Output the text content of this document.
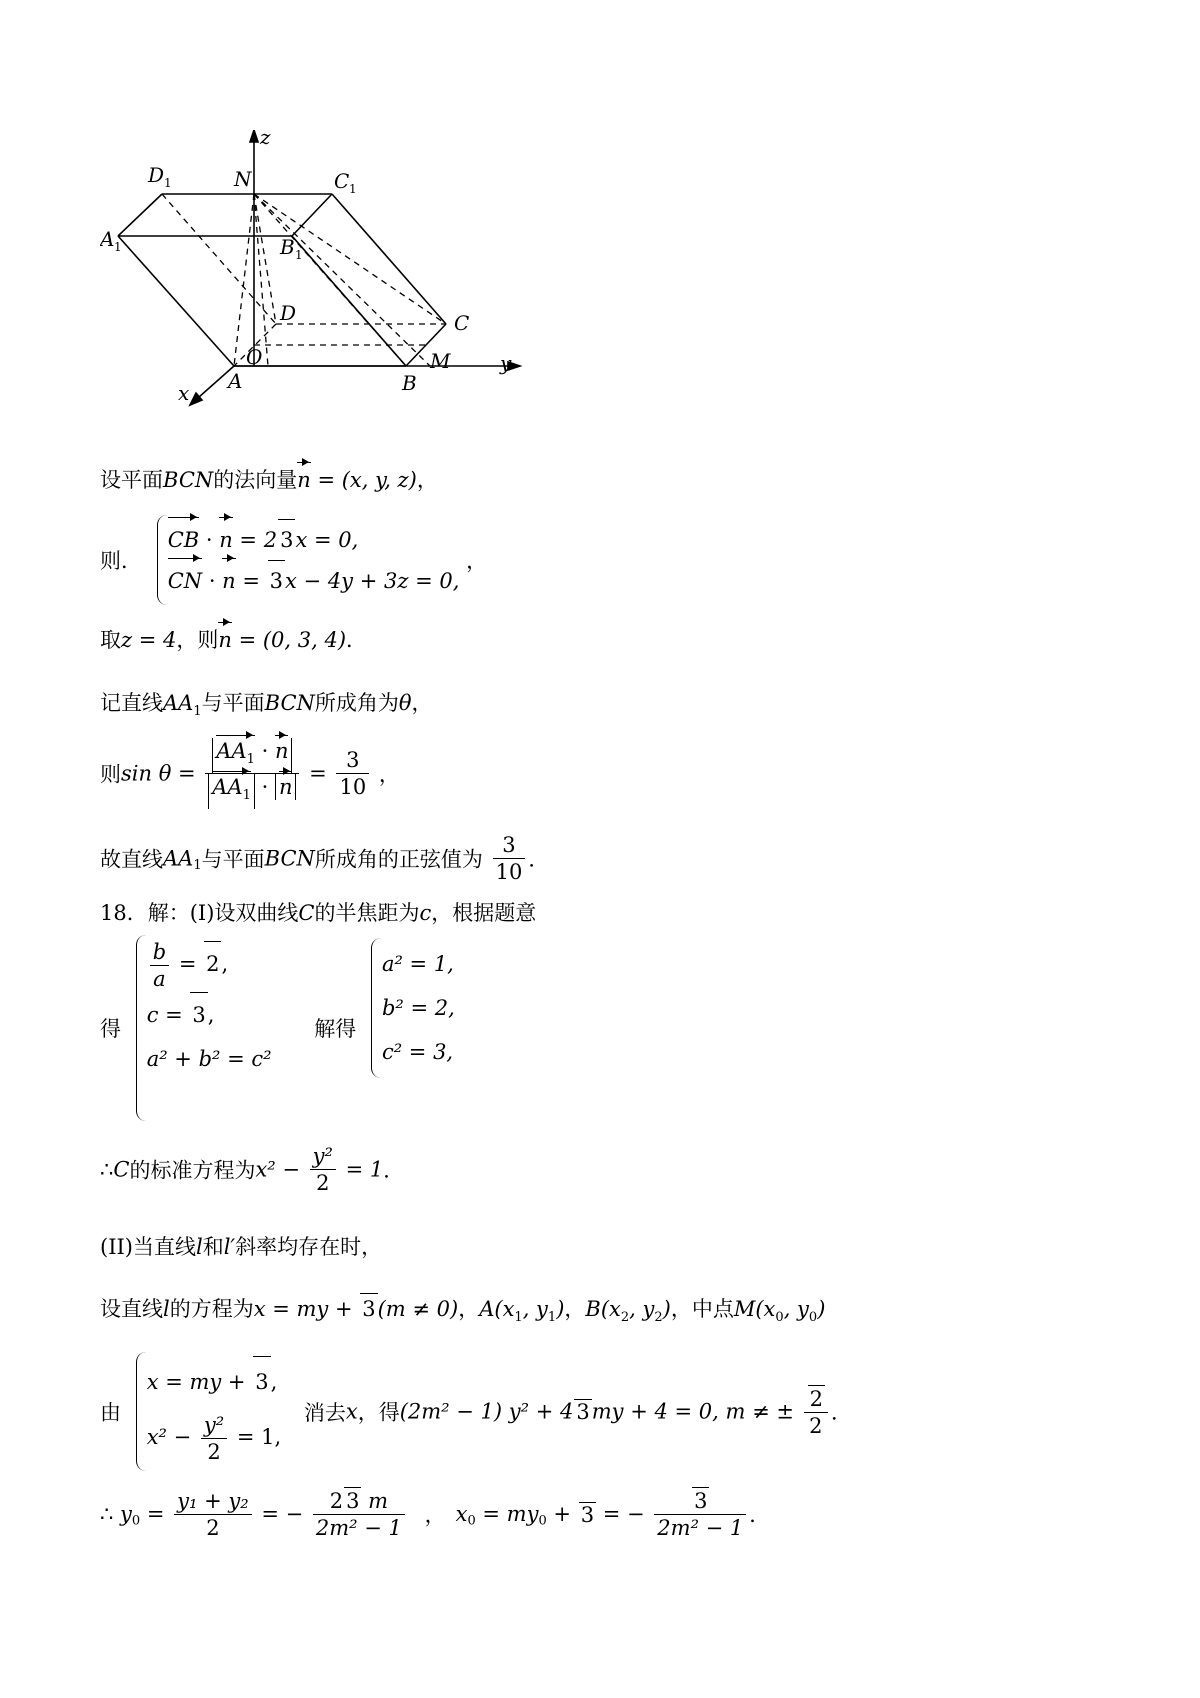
z
D 1	N	C 1
A 1	B 1
D	C
O
A	B
M y
x
设平面BCN的法向量n = (x, y, z)，
则．
CB · n = 2 3x = 0,
CN · n = 3x − 4y + 3z = 0,
，
取z = 4，则n = (0, 3, 4)．
记直线$AA_1$与平面BCN所成角为θ，
则$\sin \theta = \frac{AA_1 \cdot n}{AA_1 \cdot n} = \frac{3}{10}$ ，
故直线$AA_1$与平面BCN所成角的正弦值为 $\frac{3}{10}$ ．
18．解：(I)设双曲线C的半焦距为c，根据题意
得
$\frac{b}{a} = 2$,
c = 3,
a² + b² = c²
解得
a² = 1,
b² = 2,
c² = 3,
∴C的标准方程为$x^2 - \frac{\text{y²}}{2} = 1$．
(II)当直线l和l′斜率均存在时，
设直线l的方程为x = my + 3(m ≠ 0)，$A(x_1$, $y_1$)，$B(x_2$, $y_2$)，中点$M(x_0$, $y_0$)
由
x = my + 3,
$x^2 - \frac{\text{y²}}{2} = 1$,
消去x，得(2m² − 1) y² + 4 3my + 4 = 0, m ≠ ± $\frac{2}{2}$ ．
∴ $y_0 = \frac{\text{y₁ + y₂}}{2}$ = − $\frac{2 3 m}{\text{2m² − 1}}$ ， $x_0 = my_0 + 3$ = − $\frac{3}{\text{2m² − 1}}$ ．
